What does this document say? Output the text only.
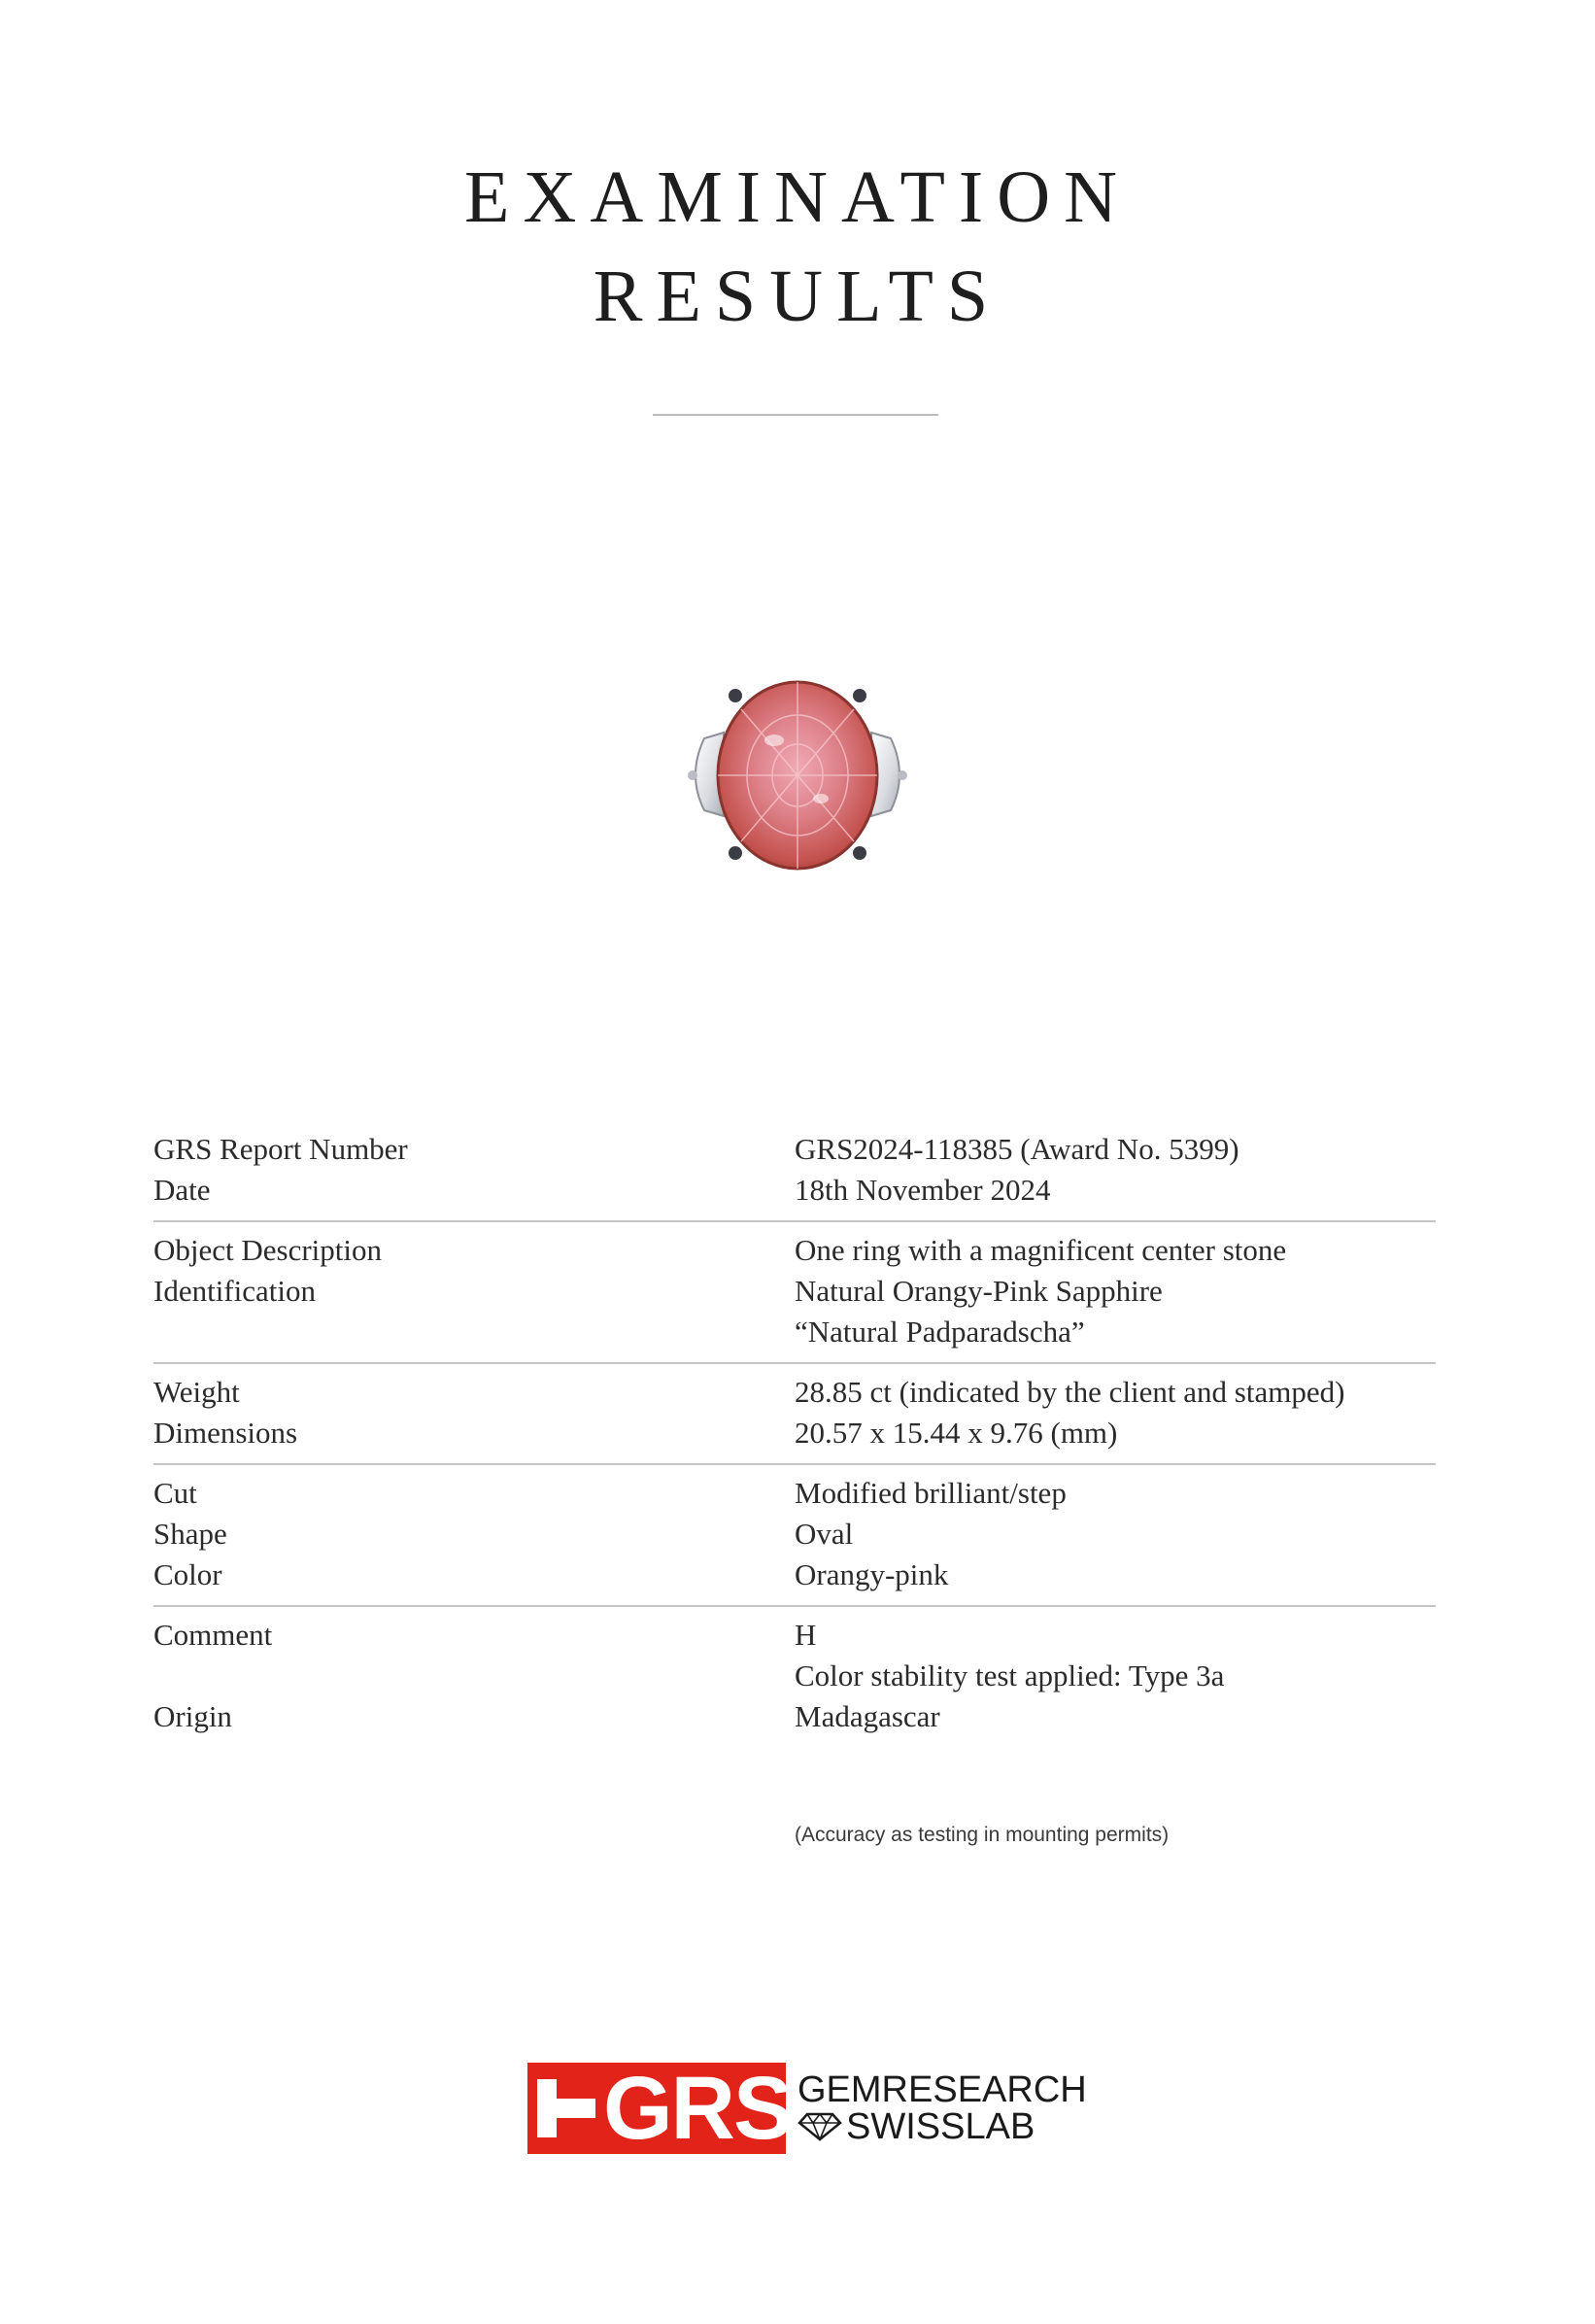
EXAMINATION
RESULTS
GRS Report Number	GRS2024-118385 (Award No. 5399)
Date	18th November 2024
Object Description	One ring with a magnificent center stone
Identification	Natural Orangy-Pink Sapphire
“Natural Padparadscha”
Weight	28.85 ct (indicated by the client and stamped)
Dimensions	20.57 x 15.44 x 9.76 (mm)
Cut	Modified brilliant/step
Shape	Oval
Color	Orangy-pink
Comment	H
Color stability test applied: Type 3a
Origin	Madagascar
(Accuracy as testing in mounting permits)
GRS GEMRESEARCH
SWISSLAB
